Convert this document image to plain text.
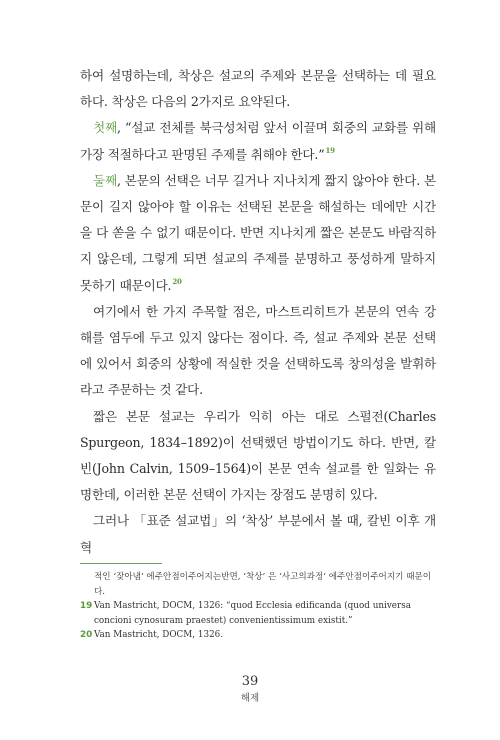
하여 설명하는데, 착상은 설교의 주제와 본문을 선택하는 데 필요하다. 착상은 다음의 2가지로 요약된다.

첫째, “설교 전체를 북극성처럼 앞서 이끌며 회중의 교화를 위해 가장 적절하다고 판명된 주제를 취해야 한다.”$^{19}$

둘째, 본문의 선택은 너무 길거나 지나치게 짧지 않아야 한다. 본문이 길지 않아야 할 이유는 선택된 본문을 해설하는 데에만 시간을 다 쏟을 수 없기 때문이다. 반면 지나치게 짧은 본문도 바람직하지 않은데, 그렇게 되면 설교의 주제를 분명하고 풍성하게 말하지 못하기 때문이다.$^{20}$

여기에서 한 가지 주목할 점은, 마스트리히트가 본문의 연속 강해를 염두에 두고 있지 않다는 점이다. 즉, 설교 주제와 본문 선택에 있어서 회중의 상황에 적실한 것을 선택하도록 창의성을 발휘하라고 주문하는 것 같다.

짧은 본문 설교는 우리가 익히 아는 대로 스펄전(Charles Spurgeon, 1834–1892)이 선택했던 방법이기도 하다. 반면, 칼빈(John Calvin, 1509–1564)이 본문 연속 설교를 한 일화는 유명한데, 이러한 본문 선택이 가지는 장점도 분명히 있다.

그러나 「표준 설교법」의 ‘착상’ 부분에서 볼 때, 칼빈 이후 개혁

적인 ‘잦아냄’ 에주안점이주어지는반면, ‘착상’ 은 ‘사고의과정’ 에주안점이주어지기 때문이다.
19 Van Mastricht, DOCM, 1326: “quod Ecclesia edificanda (quod universa concioni cynosuram praestet) convenientissimum existit.”
20 Van Mastricht, DOCM, 1326.
39
해제
